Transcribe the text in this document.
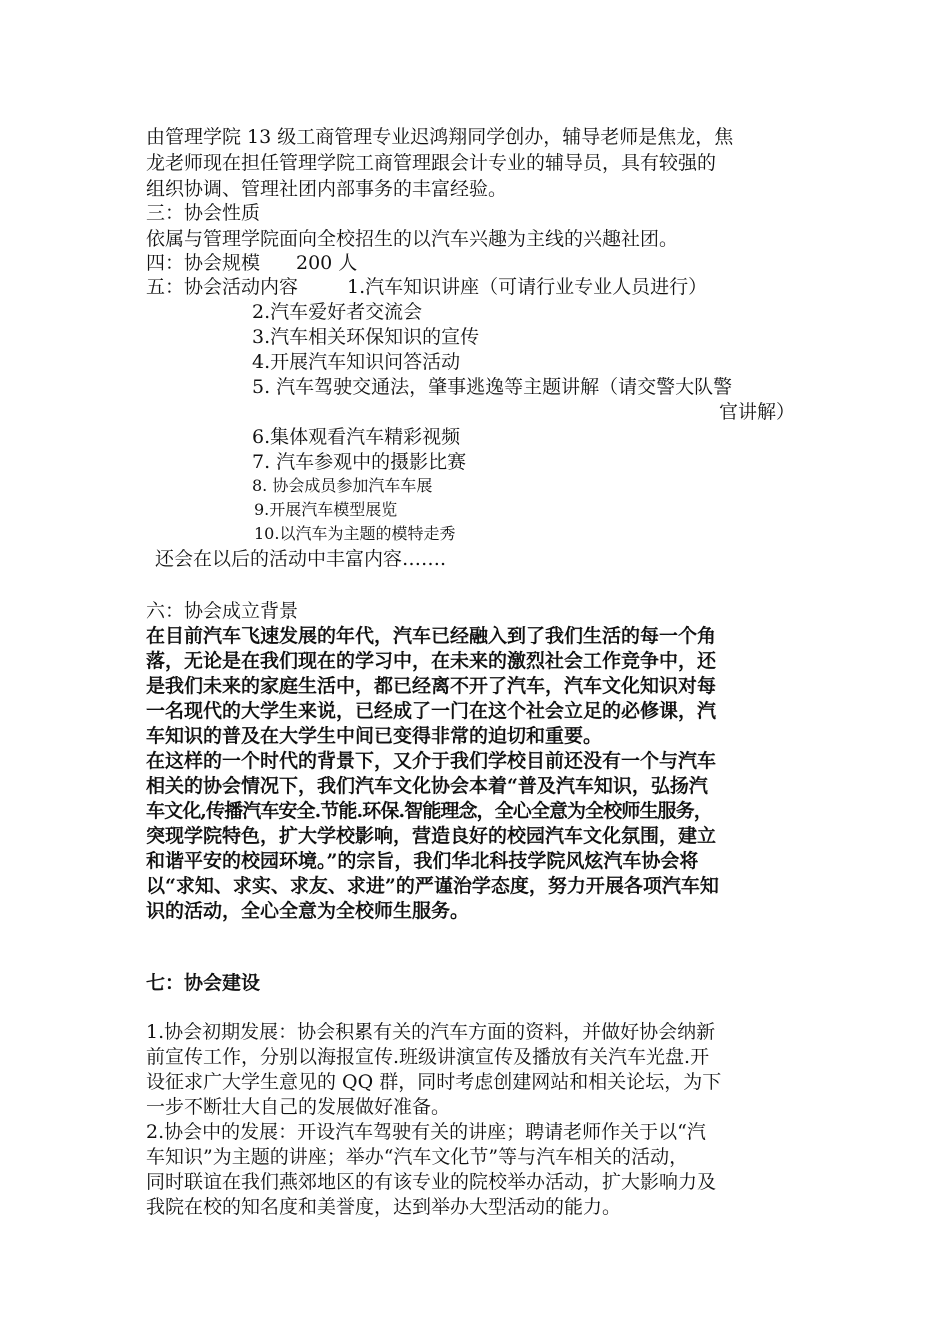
由管理学院 13 级工商管理专业迟鸿翔同学创办，辅导老师是焦龙，焦
龙老师现在担任管理学院工商管理跟会计专业的辅导员，具有较强的
组织协调、管理社团内部事务的丰富经验。
三：协会性质
依属与管理学院面向全校招生的以汽车兴趣为主线的兴趣社团。
四：协会规模 200 人
五：协会活动内容	1.汽车知识讲座（可请行业专业人员进行）
2.汽车爱好者交流会
3.汽车相关环保知识的宣传
4.开展汽车知识问答活动
5. 汽车驾驶交通法，肇事逃逸等主题讲解（请交警大队警
官讲解）
6.集体观看汽车精彩视频
7. 汽车参观中的摄影比赛
8. 协会成员参加汽车车展
9.开展汽车模型展览
10.以汽车为主题的模特走秀
还会在以后的活动中丰富内容…….
六：协会成立背景
在目前汽车飞速发展的年代，汽车已经融入到了我们生活的每一个角
落，无论是在我们现在的学习中，在未来的激烈社会工作竞争中，还
是我们未来的家庭生活中，都已经离不开了汽车，汽车文化知识对每
一名现代的大学生来说，已经成了一门在这个社会立足的必修课，汽
车知识的普及在大学生中间已变得非常的迫切和重要。
在这样的一个时代的背景下，又介于我们学校目前还没有一个与汽车
相关的协会情况下，我们汽车文化协会本着“普及汽车知识，弘扬汽
车文化,传播汽车安全.节能.环保.智能理念，全心全意为全校师生服务，
突现学院特色，扩大学校影响，营造良好的校园汽车文化氛围，建立
和谐平安的校园环境。”的宗旨，我们华北科技学院风炫汽车协会将
以“求知、求实、求友、求进”的严谨治学态度，努力开展各项汽车知
识的活动，全心全意为全校师生服务。
七：协会建设
1.协会初期发展：协会积累有关的汽车方面的资料，并做好协会纳新
前宣传工作，分别以海报宣传.班级讲演宣传及播放有关汽车光盘.开
设征求广大学生意见的 QQ 群，同时考虑创建网站和相关论坛，为下
一步不断壮大自己的发展做好准备。
2.协会中的发展：开设汽车驾驶有关的讲座；聘请老师作关于以“汽
车知识”为主题的讲座；举办“汽车文化节”等与汽车相关的活动，
同时联谊在我们燕郊地区的有该专业的院校举办活动，扩大影响力及
我院在校的知名度和美誉度，达到举办大型活动的能力。
